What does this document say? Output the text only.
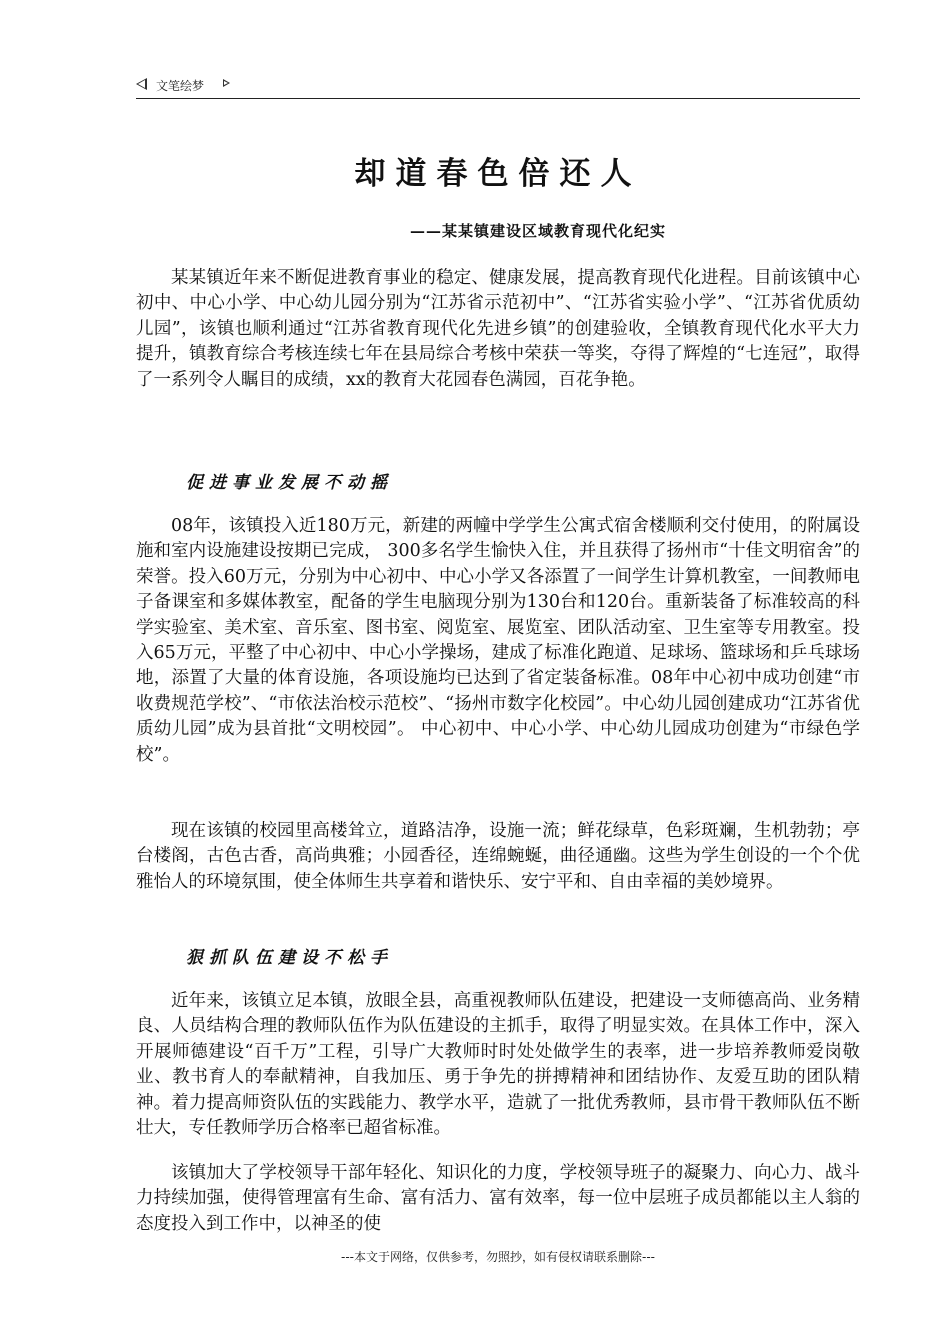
文笔绘梦
却道春色倍还人
——某某镇建设区域教育现代化纪实

某某镇近年来不断促进教育事业的稳定、健康发展，提高教育现代化进程。目前该镇中心初中、中心小学、中心幼儿园分别为“江苏省示范初中”、“江苏省实验小学”、“江苏省优质幼儿园”，该镇也顺利通过“江苏省教育现代化先进乡镇”的创建验收，全镇教育现代化水平大力提升，镇教育综合考核连续七年在县局综合考核中荣获一等奖，夺得了辉煌的“七连冠”，取得了一系列令人瞩目的成绩，xx的教育大花园春色满园，百花争艳。

促进事业发展不动摇

08年，该镇投入近180万元，新建的两幢中学学生公寓式宿舍楼顺利交付使用，的附属设施和室内设施建设按期已完成， 300多名学生愉快入住，并且获得了扬州市“十佳文明宿舍”的荣誉。投入60万元，分别为中心初中、中心小学又各添置了一间学生计算机教室，一间教师电子备课室和多媒体教室，配备的学生电脑现分别为130台和120台。重新装备了标准较高的科学实验室、美术室、音乐室、图书室、阅览室、展览室、团队活动室、卫生室等专用教室。投入65万元，平整了中心初中、中心小学操场，建成了标准化跑道、足球场、篮球场和乒乓球场地，添置了大量的体育设施，各项设施均已达到了省定装备标准。08年中心初中成功创建“市收费规范学校”、“市依法治校示范校”、“扬州市数字化校园”。中心幼儿园创建成功“江苏省优质幼儿园”成为县首批“文明校园”。 中心初中、中心小学、中心幼儿园成功创建为“市绿色学校”。

现在该镇的校园里高楼耸立，道路洁净，设施一流；鲜花绿草，色彩斑斓，生机勃勃；亭台楼阁，古色古香，高尚典雅；小园香径，连绵蜿蜒，曲径通幽。这些为学生创设的一个个优雅怡人的环境氛围，使全体师生共享着和谐快乐、安宁平和、自由幸福的美妙境界。

狠抓队伍建设不松手

近年来，该镇立足本镇，放眼全县，高重视教师队伍建设，把建设一支师德高尚、业务精良、人员结构合理的教师队伍作为队伍建设的主抓手，取得了明显实效。在具体工作中，深入开展师德建设“百千万”工程，引导广大教师时时处处做学生的表率，进一步培养教师爱岗敬业、教书育人的奉献精神，自我加压、勇于争先的拼搏精神和团结协作、友爱互助的团队精神。着力提高师资队伍的实践能力、教学水平，造就了一批优秀教师，县市骨干教师队伍不断壮大，专任教师学历合格率已超省标准。

该镇加大了学校领导干部年轻化、知识化的力度，学校领导班子的凝聚力、向心力、战斗力持续加强，使得管理富有生命、富有活力、富有效率，每一位中层班子成员都能以主人翁的态度投入到工作中，以神圣的使

---本文于网络，仅供参考，勿照抄，如有侵权请联系删除---
